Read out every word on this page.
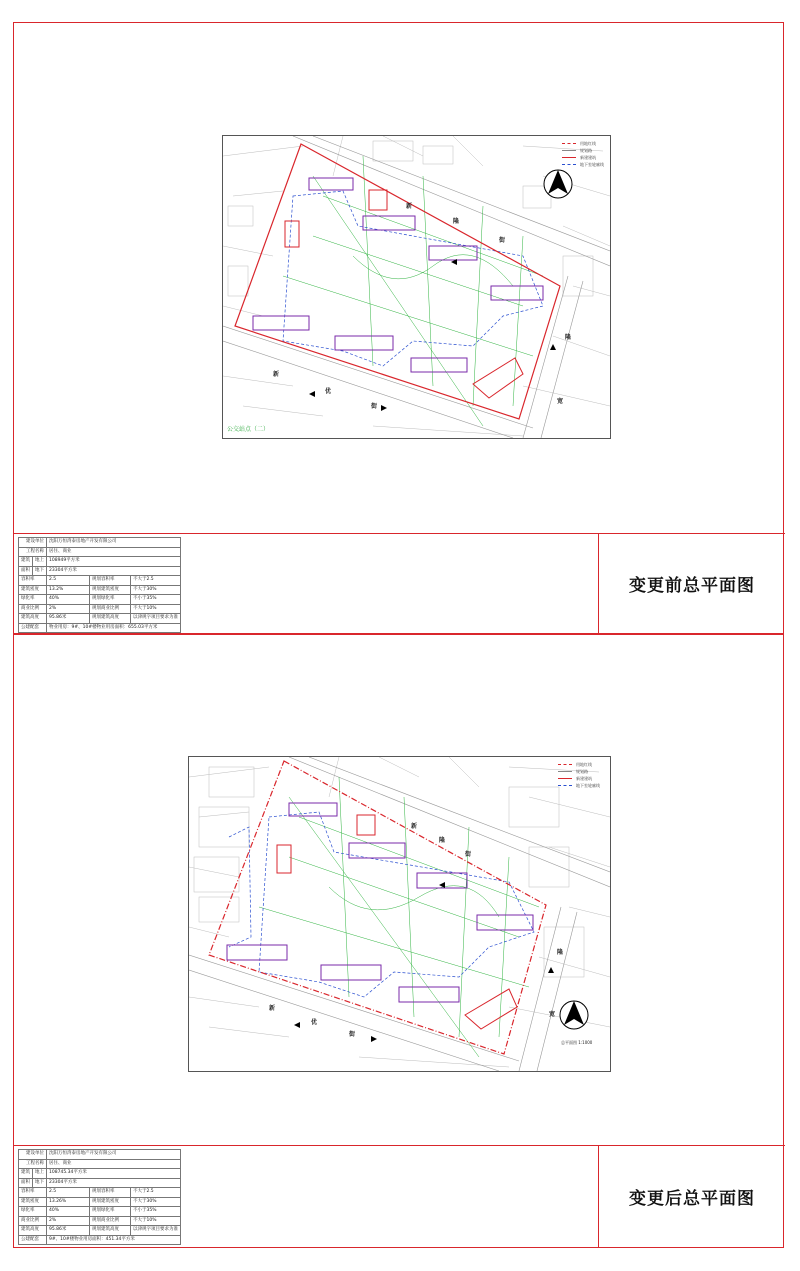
用地红线
规划路
新建建筑
地下室轮廓线
新
隆
街
新
优
街
隆
宽
公交站点（二）
建设单位		沈阳万恒湾泰房地产开发有限公司		
工程名称		居住、商业		
建筑	地上	108949平方米		
面积	地下	23304平方米		
容积率		2.5	规划容积率	不大于2.5
建筑密度		13.2%	规划建筑密度	不大于30%
绿化率		40%	规划绿化率	不小于35%
商业比例		2%	规划商业比例	不大于10%
建筑高度		95.86米	规划建筑高度	以津规字项目要求为准
公建配套		物业用房：9#、10#楼物业用房面积：655.03平方米		
变更前总平面图
用地红线
规划路
新建建筑
地下室轮廓线
新
隆
街
新
优
街
隆
宽
总平面图 1:1000
建设单位		沈阳万恒湾泰房地产开发有限公司		
工程名称		居住、商业		
建筑	地上	108745.34平方米		
面积	地下	23304平方米		
容积率		2.5	规划容积率	不大于2.5
建筑密度		13.26%	规划建筑密度	不大于30%
绿化率		40%	规划绿化率	不小于35%
商业比例		2%	规划商业比例	不大于10%
建筑高度		95.86米	规划建筑高度	以津规字项目要求为准
公建配套		9#、10#楼物业用房面积：451.34平方米		
变更后总平面图
